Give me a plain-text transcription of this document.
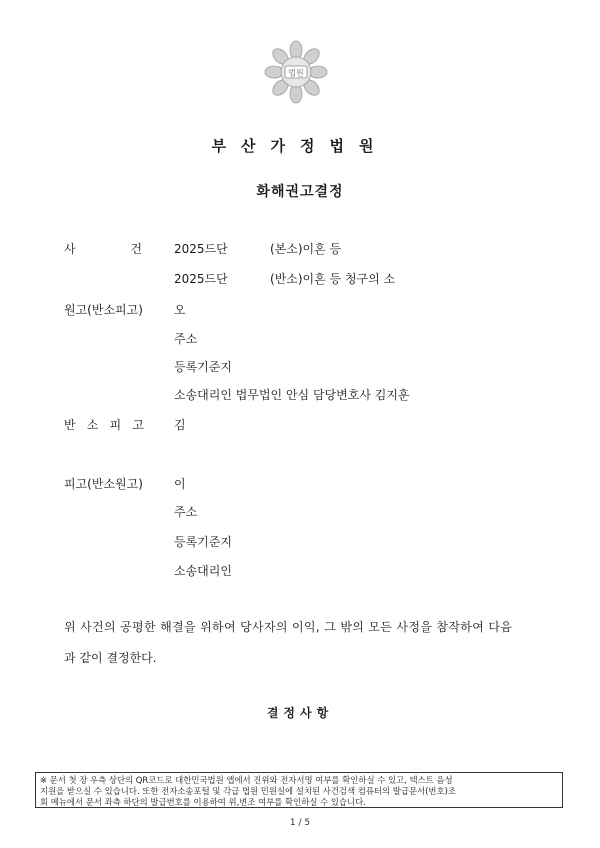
법원
부산가정법원
화해권고결정
사	건	2025드단	(본소)이혼 등
2025드단	(반소)이혼 등 청구의 소
원고(반소피고)	오
주소
등록기준지
소송대리인 법무법인 안심 담당변호사 김지훈
반 소 피 고	김
피고(반소원고)	이
주소
등록기준지
소송대리인
위 사건의 공평한 해결을 위하여 당사자의 이익, 그 밖의 모든 사정을 참작하여 다음
과 같이 결정한다.
결정사항
※ 문서 첫 장 우측 상단의 QR코드로 대한민국법원 앱에서 진위와 전자서명 여부를 확인하실 수 있고, 텍스트 음성
지원을 받으실 수 있습니다. 또한 전자소송포털 및 각급 법원 민원실에 설치된 사건검색 컴퓨터의 발급문서(번호)조
회 메뉴에서 문서 좌측 하단의 발급번호를 이용하여 위,변조 여부를 확인하실 수 있습니다.
1 / 5
